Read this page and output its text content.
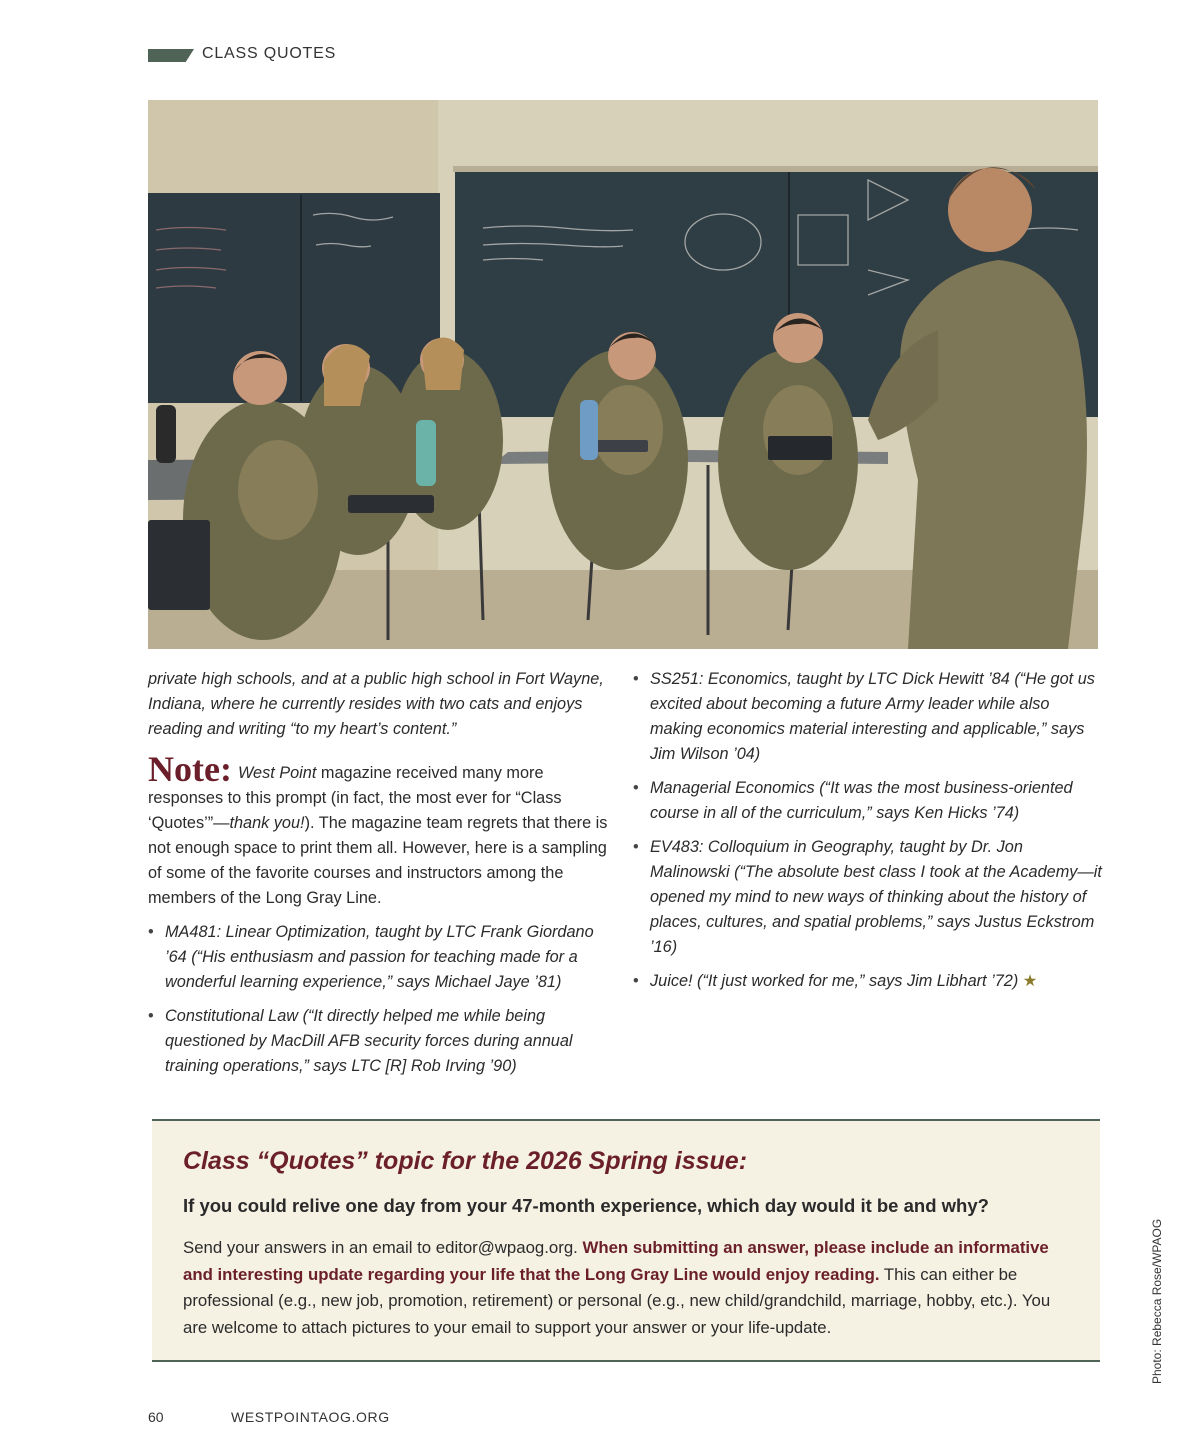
CLASS QUOTES

private high schools, and at a public high school in Fort Wayne, Indiana, where he currently resides with two cats and enjoys reading and writing “to my heart’s content.”

Note: West Point magazine received many more responses to this prompt (in fact, the most ever for “Class ‘Quotes’”—thank you!). The magazine team regrets that there is not enough space to print them all. However, here is a sampling of some of the favorite courses and instructors among the members of the Long Gray Line.

• MA481: Linear Optimization, taught by LTC Frank Giordano ’64 (“His enthusiasm and passion for teaching made for a wonderful learning experience,” says Michael Jaye ’81)
• Constitutional Law (“It directly helped me while being questioned by MacDill AFB security forces during annual training operations,” says LTC [R] Rob Irving ’90)
• SS251: Economics, taught by LTC Dick Hewitt ’84 (“He got us excited about becoming a future Army leader while also making economics material interesting and applicable,” says Jim Wilson ’04)
• Managerial Economics (“It was the most business-oriented course in all of the curriculum,” says Ken Hicks ’74)
• EV483: Colloquium in Geography, taught by Dr. Jon Malinowski (“The absolute best class I took at the Academy—it opened my mind to new ways of thinking about the history of places, cultures, and spatial problems,” says Justus Eckstrom ’16)
• Juice! (“It just worked for me,” says Jim Libhart ’72) ★

Class “Quotes” topic for the 2026 Spring issue:

If you could relive one day from your 47-month experience, which day would it be and why?

Send your answers in an email to editor@wpaog.org. When submitting an answer, please include an informative and interesting update regarding your life that the Long Gray Line would enjoy reading. This can either be professional (e.g., new job, promotion, retirement) or personal (e.g., new child/grandchild, marriage, hobby, etc.). You are welcome to attach pictures to your email to support your answer or your life-update.	Photo: Rebecca Rose/WPAOG
60	WESTPOINTAOG.ORG
